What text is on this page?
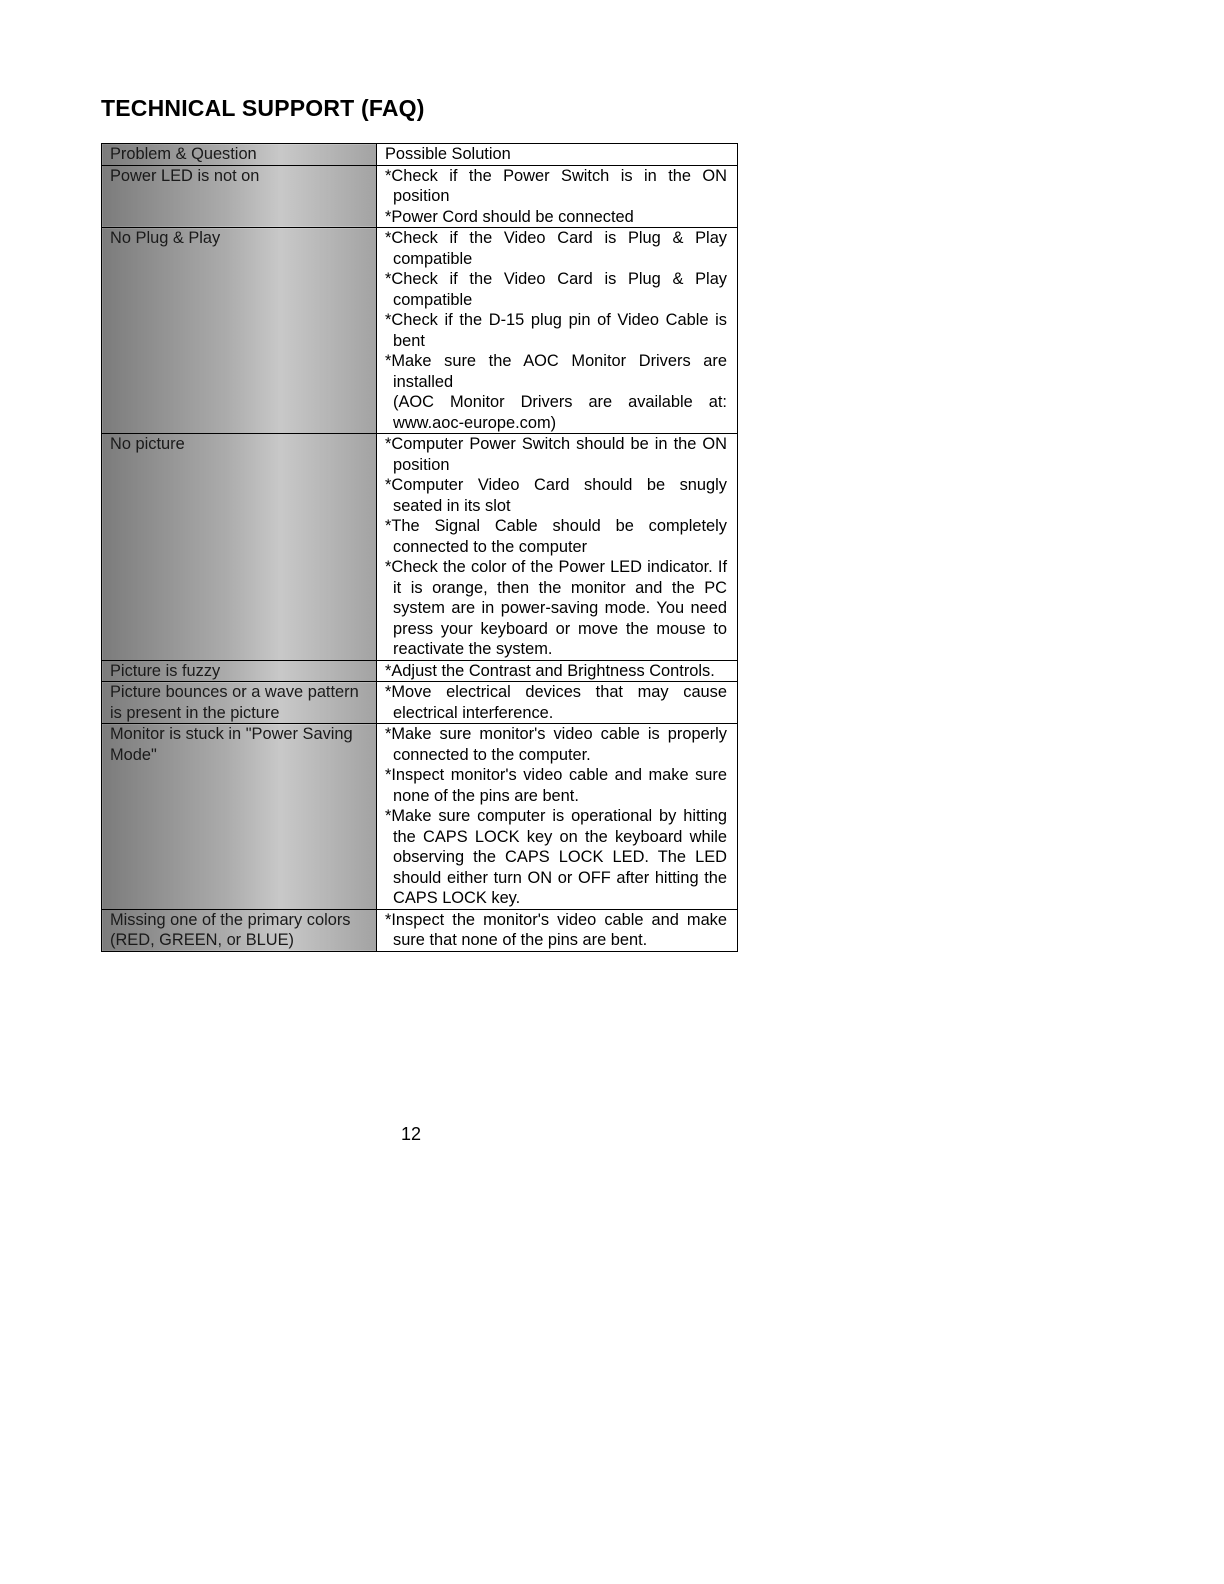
TECHNICAL SUPPORT (FAQ)
Problem & Question	Possible Solution
Power LED is not on	*Check if the Power Switch is in the ON position
*Power Cord should be connected

No Plug & Play	*Check if the Video Card is Plug & Play compatible
*Check if the Video Card is Plug & Play compatible
*Check if the D-15 plug pin of Video Cable is bent
*Make sure the AOC Monitor Drivers are installed
(AOC Monitor Drivers are available at: www.aoc-europe.com)

No picture	*Computer Power Switch should be in the ON position
*Computer Video Card should be snugly seated in its slot
*The Signal Cable should be completely connected to the computer
*Check the color of the Power LED indicator. If it is orange, then the monitor and the PC system are in power-saving mode. You need press your keyboard or move the mouse to reactivate the system.

Picture is fuzzy	*Adjust the Contrast and Brightness Controls.

Picture bounces or a wave pattern is present in the picture	*Move electrical devices that may cause electrical interference.

Monitor is stuck in "Power Saving Mode"	*Make sure monitor's video cable is properly connected to the computer.
*Inspect monitor's video cable and make sure none of the pins are bent.
*Make sure computer is operational by hitting the CAPS LOCK key on the keyboard while observing the CAPS LOCK LED. The LED should either turn ON or OFF after hitting the CAPS LOCK key.

Missing one of the primary colors (RED, GREEN, or BLUE)	*Inspect the monitor's video cable and make sure that none of the pins are bent.
12
